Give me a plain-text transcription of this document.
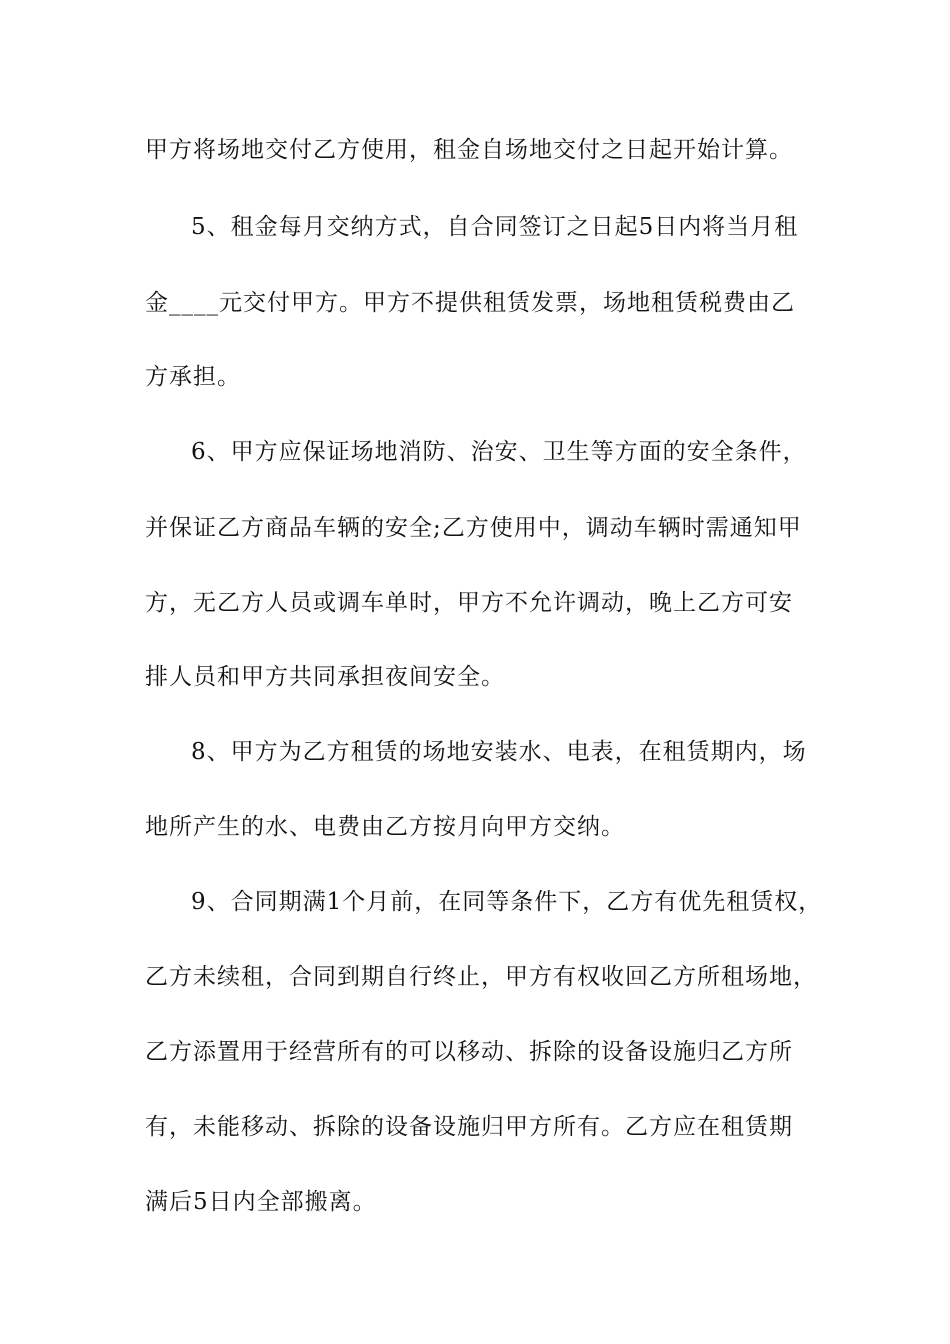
甲方将场地交付乙方使用，租金自场地交付之日起开始计算。
5、租金每月交纳方式，自合同签订之日起5日内将当月租
金____元交付甲方。甲方不提供租赁发票，场地租赁税费由乙
方承担。
6、甲方应保证场地消防、治安、卫生等方面的安全条件，
并保证乙方商品车辆的安全;乙方使用中，调动车辆时需通知甲
方，无乙方人员或调车单时，甲方不允许调动，晚上乙方可安
排人员和甲方共同承担夜间安全。
8、甲方为乙方租赁的场地安装水、电表，在租赁期内，场
地所产生的水、电费由乙方按月向甲方交纳。
9、合同期满1个月前，在同等条件下，乙方有优先租赁权，
乙方未续租，合同到期自行终止，甲方有权收回乙方所租场地，
乙方添置用于经营所有的可以移动、拆除的设备设施归乙方所
有，未能移动、拆除的设备设施归甲方所有。乙方应在租赁期
满后5日内全部搬离。
